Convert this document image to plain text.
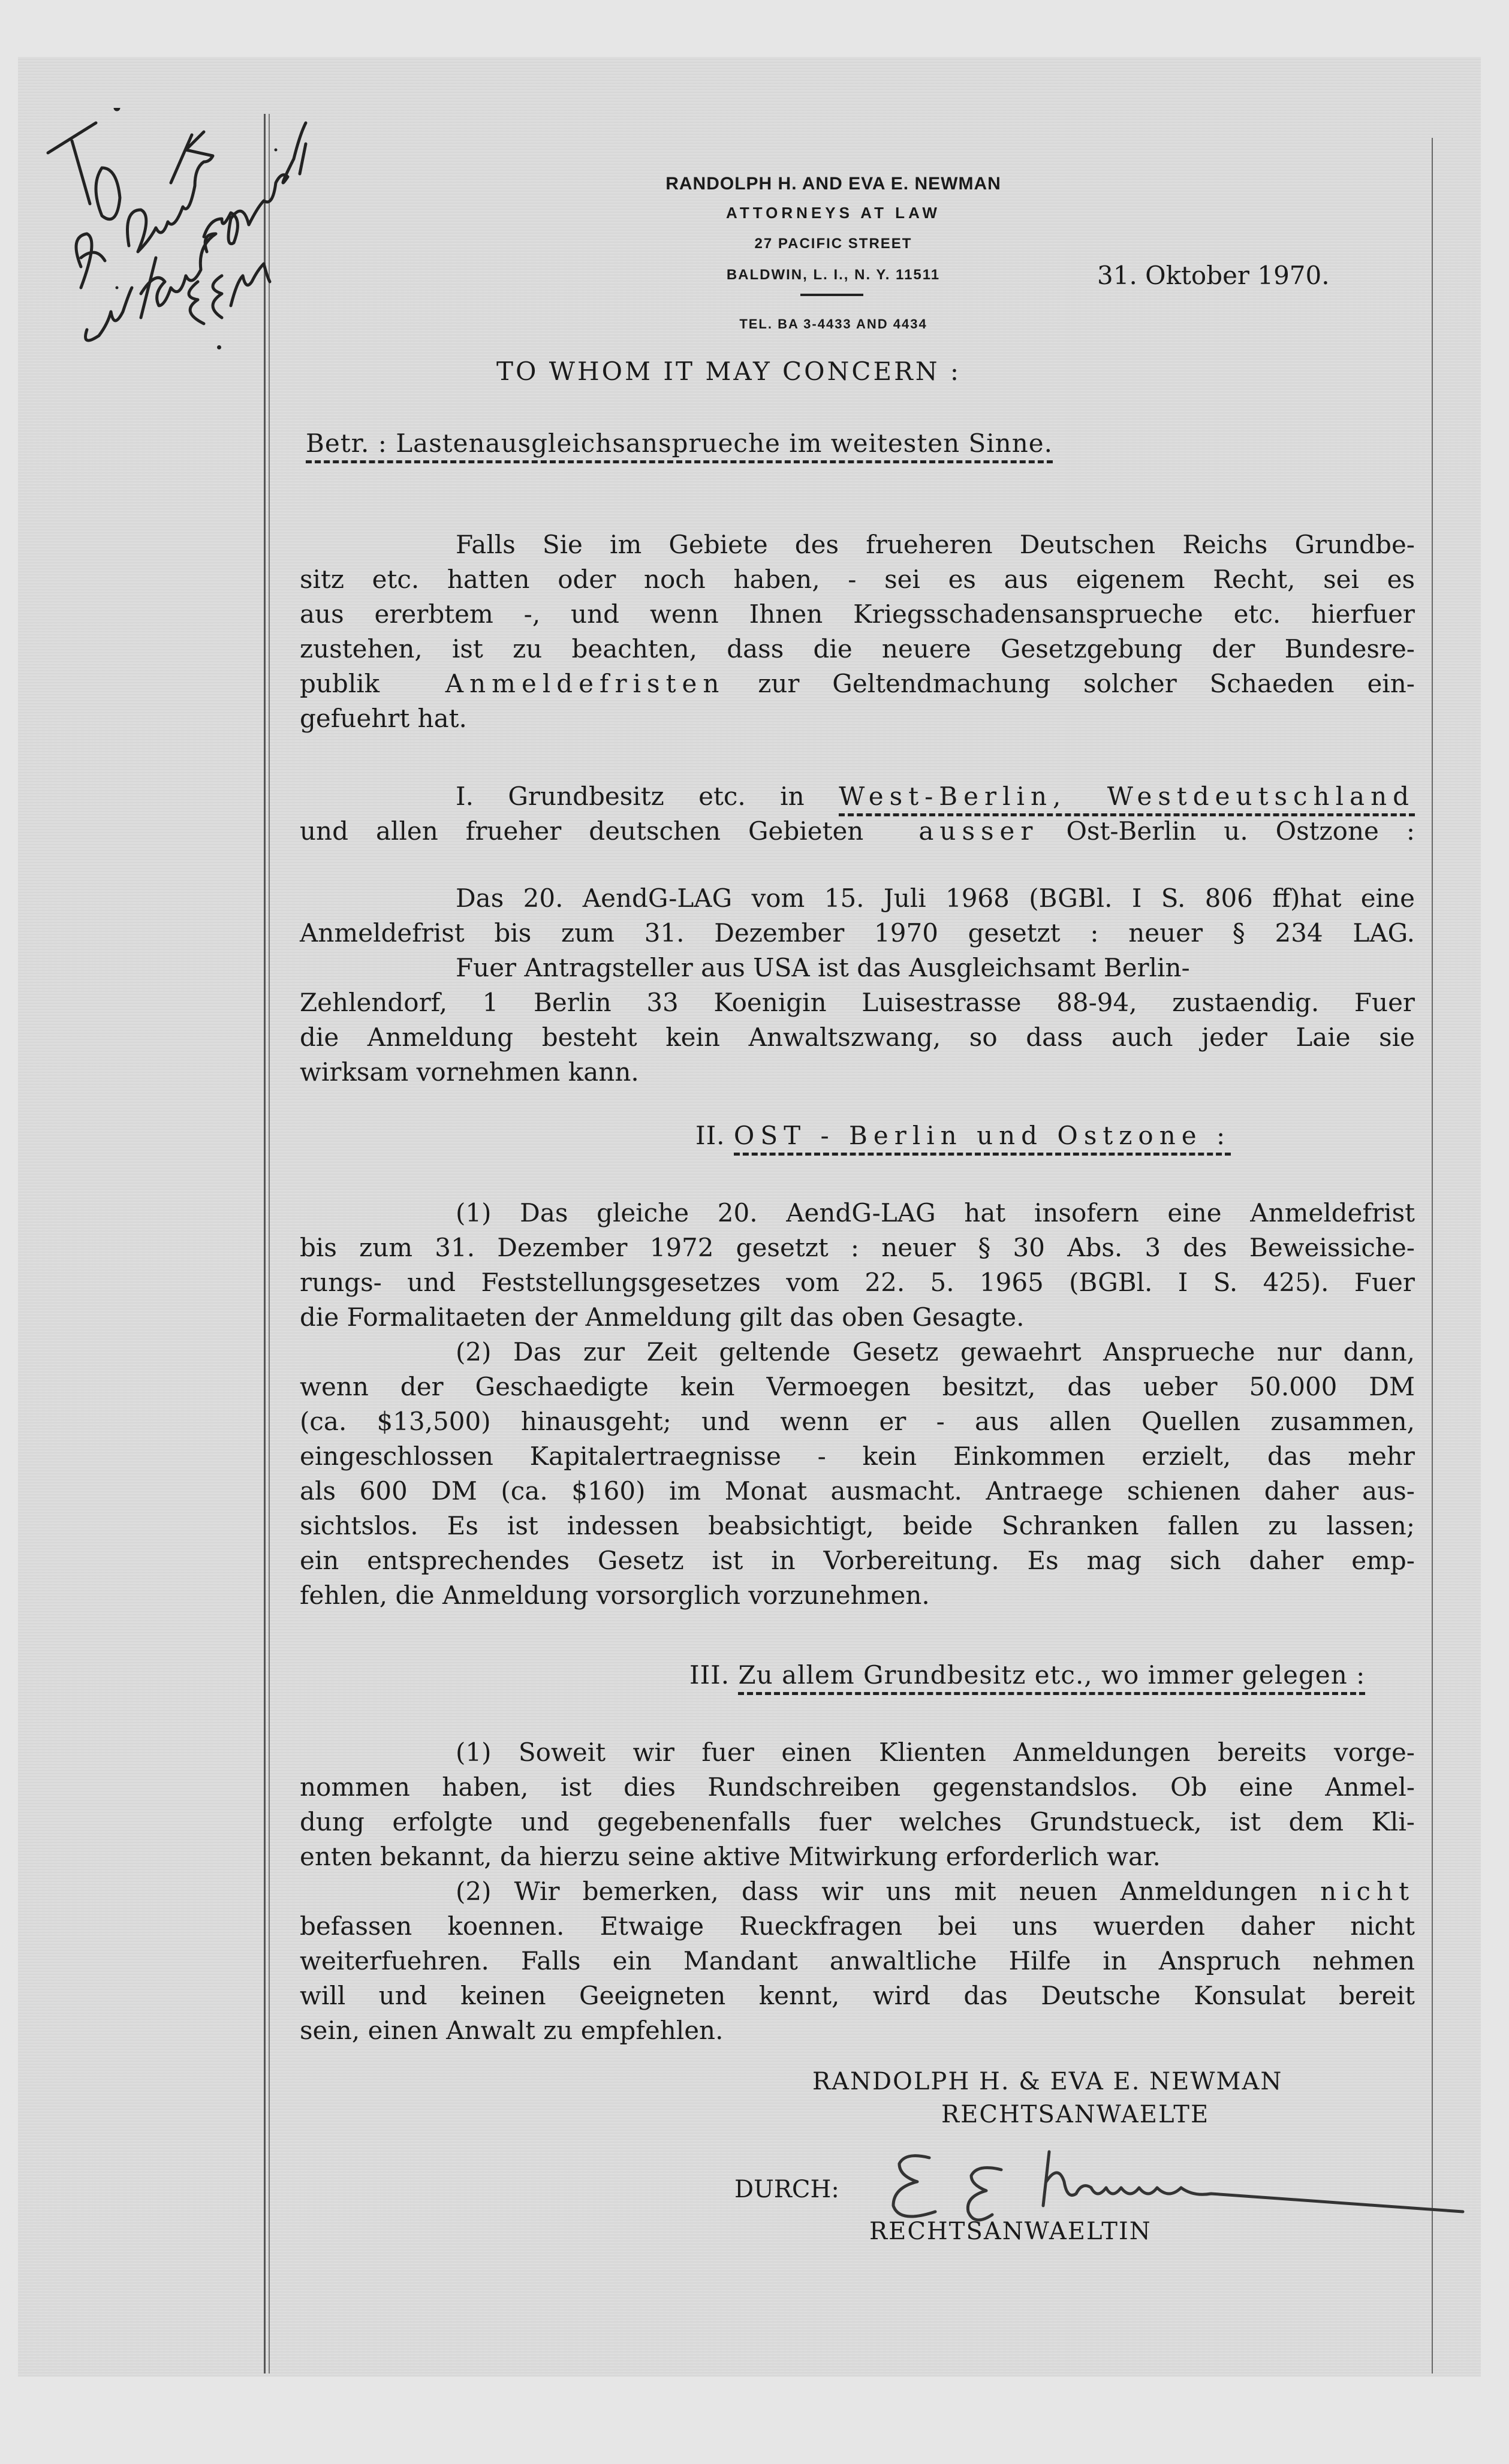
RANDOLPH H. AND EVA E. NEWMAN
ATTORNEYS AT LAW
27 PACIFIC STREET
BALDWIN, L. I., N. Y. 11511
TEL. BA 3-4433 AND 4434
31. Oktober 1970.
TO WHOM IT MAY CONCERN :
Betr. : Lastenausgleichsansprueche im weitesten Sinne.
Falls Sie im Gebiete des frueheren Deutschen Reichs Grundbe-
sitz etc. hatten oder noch haben, - sei es aus eigenem Recht, sei es
aus ererbtem -, und wenn Ihnen Kriegsschadensansprueche etc. hierfuer
zustehen, ist zu beachten, dass die neuere Gesetzgebung der Bundesre-
publik	Anmeldefristen zur Geltendmachung solcher Schaeden ein-
gefuehrt hat.
I. Grundbesitz etc. in West-Berlin, Westdeutschland
und allen frueher deutschen Gebieten ausser Ost-Berlin u. Ostzone :
Das 20. AendG-LAG vom 15. Juli 1968 (BGBl. I S. 806 ff)hat eine
Anmeldefrist bis zum 31. Dezember 1970 gesetzt : neuer § 234 LAG.
Fuer Antragsteller aus USA ist das Ausgleichsamt Berlin-
Zehlendorf, 1 Berlin 33 Koenigin Luisestrasse 88-94, zustaendig. Fuer
die Anmeldung besteht kein Anwaltszwang, so dass auch jeder Laie sie
wirksam vornehmen kann.
II. OST - Berlin und Ostzone :
(1) Das gleiche 20. AendG-LAG hat insofern eine Anmeldefrist
bis zum 31. Dezember 1972 gesetzt : neuer § 30 Abs. 3 des Beweissiche-
rungs- und Feststellungsgesetzes vom 22. 5. 1965 (BGBl. I S. 425). Fuer
die Formalitaeten der Anmeldung gilt das oben Gesagte.
(2) Das zur Zeit geltende Gesetz gewaehrt Ansprueche nur dann,
wenn der Geschaedigte kein Vermoegen besitzt, das ueber 50.000 DM
(ca. $13,500) hinausgeht; und wenn er - aus allen Quellen zusammen,
eingeschlossen Kapitalertraegnisse - kein Einkommen erzielt, das mehr
als 600 DM (ca. $160) im Monat ausmacht. Antraege schienen daher aus-
sichtslos. Es ist indessen beabsichtigt, beide Schranken fallen zu lassen;
ein entsprechendes Gesetz ist in Vorbereitung. Es mag sich daher emp-
fehlen, die Anmeldung vorsorglich vorzunehmen.
III. Zu allem Grundbesitz etc., wo immer gelegen :
(1) Soweit wir fuer einen Klienten Anmeldungen bereits vorge-
nommen haben, ist dies Rundschreiben gegenstandslos. Ob eine Anmel-
dung erfolgte und gegebenenfalls fuer welches Grundstueck, ist dem Kli-
enten bekannt, da hierzu seine aktive Mitwirkung erforderlich war.
(2) Wir bemerken, dass wir uns mit neuen Anmeldungen nicht
befassen koennen. Etwaige Rueckfragen bei uns wuerden daher nicht
weiterfuehren. Falls ein Mandant anwaltliche Hilfe in Anspruch nehmen
will und keinen Geeigneten kennt, wird das Deutsche Konsulat bereit
sein, einen Anwalt zu empfehlen.
RANDOLPH H. & EVA E. NEWMAN
RECHTSANWAELTE
DURCH:
RECHTSANWAELTIN
